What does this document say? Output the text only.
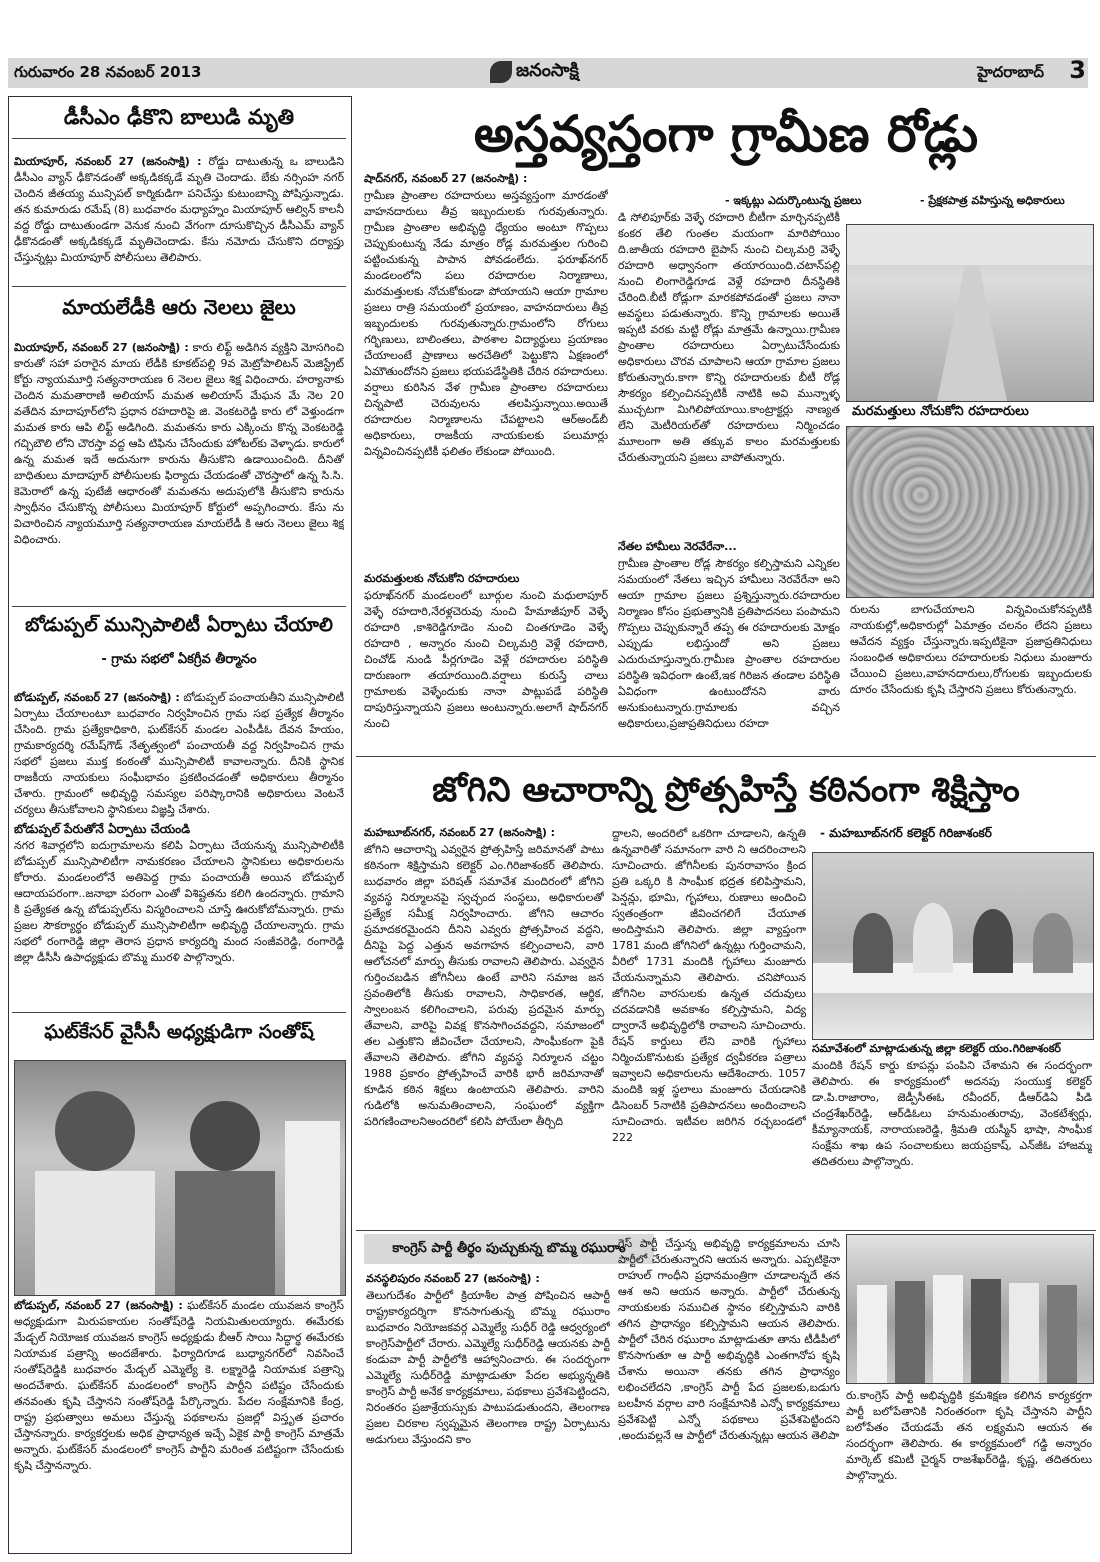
గురువారం 28 నవంబర్ 2013	జనంసాక్షి	హైదరాబాద్ 3
డీసీఎం ఢీకొని బాలుడి మృతి
మియాపూర్, నవంబర్ 27 (జనంసాక్షి) : రోడ్డు దాటుతున్న ఒ బాలుడిని డీసీఎం వ్యాన్ ఢీకొనడంతో అక్కడికక్కడే మృతి చెందాడు. బేకు నర్సింహ నగర్ చెందిన జీతయ్య మున్సిపల్ కార్మికుడిగా పనిచేస్తు కుటుంబాన్ని పోషిస్తున్నాడు. తన కుమారుడు రమేష్ (8) బుధవారం మధ్యాహ్నం మియాపూర్ ఆల్విన్ కాలనీ వద్ద రోడ్డు దాటుతుండగా వెనుక నుంచి వేగంగా దూసుకొచ్చిన డీసీఎమ్ వ్యాన్ ఢీకొనడంతో అక్కడికక్కడే మృతిచెందాడు. కేసు నమోదు చేసుకొని దర్యాప్తు చేస్తున్నట్లు మియాపూర్ పోలీసులు తెలిపారు.
మాయలేడీకి ఆరు నెలలు జైలు
మియాపూర్, నవంబర్ 27 (జనంసాక్షి) : కారు లిఫ్ట్ అడిగిన వ్యక్తిని మోసగించి కారుతో సహా పరారైన మాయ లేడీకి కూకట్‌పల్లి 9వ మెట్రోపాలిటన్ మెజిస్ట్రేట్ కోర్టు న్యాయమూర్తి సత్యనారాయణ 6 నెలల జైలు శిక్ష విధించారు. హర్యానాకు చెందిన మమతారాణి అలియాస్ మమత అలియాస్ మేఘన మే నెల 20 వతేదిన మాదాపూర్‌లోని ప్రధాన రహదారిపై జి. వెంకటరెడ్డి కారు లో వెళ్తుండగా మమత కారు ఆపి లిఫ్ట్ అడిగింది. మమతను కారు ఎక్కించు కొన్న వెంకటరెడ్డి గచ్చిబౌలి లోని చౌరస్తా వద్ద ఆపి టిఫిను చేసేందుకు హోటల్‌కు వెళ్ళాడు. కారులో ఉన్న మమత ఇదే అదునుగా కారును తీసుకొని ఉడాయించింది. దీనితో బాధితులు మాదాపూర్ పోలీసులకు ఫిర్యాదు చేయడంతో చౌరస్తాలో ఉన్న సి.సి. కెమెరాలో ఉన్న పుటేజీ ఆధారంతో మమతను అదుపులోకి తీసుకొని కారును స్వాధీనం చేసుకొన్న పోలీసులు మియాపూర్ కోర్టులో అప్పగించారు. కేసు ను విచారించిన న్యాయమూర్తి సత్యనారాయణ మాయలేడీ కి ఆరు నెలలు జైలు శిక్ష విధించారు.
బోడుప్పల్ మున్సిపాలిటీ ఏర్పాటు చేయాలి
- గ్రామ సభలో ఏకగ్రీవ తీర్మానం
బోడుప్పల్, నవంబర్ 27 (జనంసాక్షి) : బోడుప్పల్ పంచాయతీని మున్సిపాలిటీ ఏర్పాటు చేయాలంటూ బుధవారం నిర్వహించిన గ్రామ సభ ప్రత్యేక తీర్మానం చేసింది. గ్రామ ప్రత్యేకాధికారి, ఘట్‌కేసర్ మండల ఎంపీడీఓ దేవన హేయం, గ్రామకార్యదర్శి రమేష్‌గౌడ్ నేతృత్వంలో పంచాయతీ వద్ద నిర్వహించిన గ్రామ సభలో ప్రజలు ముక్త కంఠంతో మున్సిపాలిటీ కావాలన్నారు. దీనికి స్థానిక రాజకీయ నాయకులు సంఘీభావం ప్రకటించడంతో అధికారులు తీర్మానం చేశారు. గ్రామంలో అభివృద్ధి సమస్యల పరిష్కారానికి అధికారులు వెంటనే చర్యలు తీసుకోవాలని స్థానికులు విజ్ఞప్తి చేశారు.
బోడుప్పల్ పేరుతోనే ఏర్పాటు చేయండి
నగర శివార్లలోని ఐదుగ్రామాలను కలిపి ఏర్పాటు చేయనున్న మున్సిపాలిటీకి బోడుప్పల్ మున్సిపాలిటీగా నామకరణం చేయాలని స్థానికులు అధికారులను కోరారు. మండలంలోనే అతిపెద్ద గ్రామ పంచాయతీ అయిన బోడుప్పల్ ఆదాయపరంగా..జనాభా పరంగా ఎంతో విశిష్టతను కలిగి ఉందన్నారు. గ్రామాని కి ప్రత్యేకత ఉన్న బోడుప్పల్‌ను విస్మరించాలని చూస్తే ఊరుకోబోమన్నారు. గ్రామ ప్రజల సౌకర్యార్థం బోడుప్పల్ మున్సిపాలిటీగా అభివృద్ధి చేయాలన్నారు. గ్రామ సభలో రంగారెడ్డి జిల్లా తెరాస ప్రధాన కార్యదర్శి మంద సంజీవరెడ్డి, రంగారెడ్డి జిల్లా డీసీసీ ఉపాధ్యక్షుడు బొమ్మ మురళి పాల్గొన్నారు.
ఘట్‌కేసర్ వైసీసీ అధ్యక్షుడిగా సంతోష్
బోడుప్పల్, నవంబర్ 27 (జనంసాక్షి) : ఘట్‌కేసర్ మండల యువజన కాంగ్రెస్ అధ్యక్షుడుగా మిరుపకాయల సంతోష్‌రెడ్డి నియమితులయ్యారు. ఈమేరకు మేడ్చల్ నియోజక యువజన కాంగ్రెస్ అధ్యక్షుడు బీఆర్ సాయి సిద్ధార్థ ఈమేరకు నియామక పత్రాన్ని అందజేశారు. ఫిర్యాదిగూడ బుధ్యానగర్‌లో నివసించే సంతోష్‌రెడ్డికి బుధవారం మేడ్చల్ ఎమ్మెల్యే కె. లక్ష్మారెడ్డి నియామక పత్రాన్ని అందచేశారు. ఘట్‌కేసర్ మండలంలో కాంగ్రెస్ పార్టీని పటిష్టం చేసేందుకు తనవంతు కృషి చేస్తానని సంతోష్‌రెడ్డి పేర్కొన్నారు. పేదల సంక్షేమానికి కేంద్ర, రాష్ట్ర ప్రభుత్వాలు అమలు చేస్తున్న పథకాలను ప్రజల్లో విస్తృత ప్రచారం చేస్తానన్నారు. కార్యకర్తలకు అధిక ప్రాధాన్యత ఇచ్చే ఏకైక పార్టీ కాంగ్రెస్ మాత్రమే అన్నారు. ఘట్‌కేసర్ మండలంలో కాంగ్రెస్ పార్టీని మరింత పటిష్టంగా చేసేందుకు కృషి చేస్తానన్నారు.
అస్తవ్యస్తంగా గ్రామీణ రోడ్లు
షాద్‌నగర్, నవంబర్ 27 (జనంసాక్షి) :
- ఇక్కట్లు ఎదుర్కొంటున్న ప్రజలు	- ప్రేక్షకపాత్ర వహిస్తున్న అధికారులు
గ్రామీణ ప్రాంతాల రహదారులు అస్తవ్యస్తంగా మారడంతో వాహనదారులు తీవ్ర ఇబ్బందులకు గురవుతున్నారు. గ్రామీణ ప్రాంతాల అభివృద్ధి ధ్యేయం అంటూ గొప్పలు చెప్పుకుంటున్న నేడు మాత్రం రోడ్ల మరమత్తుల గురించి పట్టించుకున్న పాపాన పోవడంలేదు. ఫరూఖ్‌నగర్ మండలంలోని పలు రహదారుల నిర్మాణాలు, మరమత్తులకు నోచుకోకుండా పోయాయని ఆయా గ్రామాల ప్రజలు రాత్రి సమయంలో ప్రయాణం, వాహనదారులు తీవ్ర ఇబ్బందులకు గురవుతున్నారు.గ్రామంలోని రోగులు గర్భిణులు, బాలింతలు, పాఠశాల విద్యార్థులు ప్రయాణం చేయాలంటే ప్రాణాలు అరచేతిలో పెట్టుకొని ఏక్షణంలో ఏమౌతుందోనని ప్రజలు భయపడేస్థితికి చేరిన రహదారులు. వర్షాలు కురిసిన వేళ గ్రామీణ ప్రాంతాల రహదారులు చిన్నపాటి చెరువులను తలపిస్తున్నాయి.అయితే రహదారుల నిర్మాణాలను చేపట్టాలని ఆర్అండ్‌బీ అధికారులు, రాజకీయ నాయకులకు పలుమార్లు విన్నవించినప్పటికీ ఫలితం లేకుండా పోయింది.
మరమత్తులకు నోచుకోని రహదారులు
ఫరూఖ్‌నగర్ మండలంలో బూర్గుల నుంచి మధులాపూర్ వెళ్ళే రహదారి,నేరళ్లచెరువు నుంచి హేమాజీపూర్ వెళ్ళే రహదారి ,కాశిరెడ్డిగూడెం నుంచి చింతగూడెం వెళ్ళే రహదారి , అన్నారం నుంచి చిల్కమర్రి వెళ్లే రహదారి, చించోడ్ నుండి పీర్లగూడెం వెళ్లే రహదారుల పరిస్థితి దారుణంగా తయారయింది.వర్షాలు కురుస్తే చాలు గ్రామాలకు వెళ్ళేందుకు నానా పాట్లుపడే పరిస్థితి దాపురిస్తున్నాయని ప్రజలు అంటున్నారు.అలాగే షాద్‌నగర్ నుంచి
డి సోలిపూర్‌కు వెళ్ళే రహదారి బీటీగా మార్చినప్పటికీ కంకర తేలి గుంతల మయంగా మారిపోయిం ది.జాతీయ రహదారి బైపాస్ నుంచి చిల్కమర్రి వెళ్ళే రహదారి అధ్వానంగా తయారయింది.చటాన్‌పల్లి నుంచి లింగారెడ్డిగూడ వెళ్లే రహదారి దీనస్థితికి చేరింది.బీటీ రోడ్లుగా మారకపోవడంతో ప్రజలు నానా అవస్థలు పడుతున్నారు. కొన్ని గ్రామాలకు అయితే ఇప్పటి వరకు మట్టి రోడ్లు మాత్రమే ఉన్నాయి.గ్రామీణ ప్రాంతాల రహదారులు ఏర్పాటుచేసేందుకు అధికారులు చొరవ చూపాలని ఆయా గ్రామాల ప్రజలు కోరుతున్నారు.కాగా కొన్ని రహదారులకు బీటీ రోడ్ల సౌకర్యం కల్పించినప్పటికీ నాటికి అవి మున్నాళ్ళ ముచ్చటగా మిగిలిపోయాయి.కాంట్రాక్టర్లు నాణ్యత లేని మెటీరియల్‌తో రహదారులు నిర్మించడం మూలంగా అతి తక్కువ కాలం మరమత్తులకు చేరుతున్నాయని ప్రజలు వాపోతున్నారు.
నేతల హామీలు నెరవేరేనా...
గ్రామీణ ప్రాంతాల రోడ్ల సౌకర్యం కల్పిస్తామని ఎన్నికల సమయంలో నేతలు ఇచ్చిన హామీలు నెరవేరేనా అని ఆయా గ్రామాల ప్రజలు ప్రశ్నిస్తున్నారు.రహదారుల నిర్మాణం కోసం ప్రభుత్వానికి ప్రతిపాదనలు పంపామని గొప్పలు చెప్పుకున్నారే తప్ప ఈ రహదారులకు మోక్షం ఎప్పుడు లభిస్తుందో అని ప్రజలు ఎదురుచూస్తున్నారు.గ్రామీణ ప్రాంతాల రహదారుల పరిస్థితి ఇవిధంగా ఉంటే,ఇక గిరిజన తండాల పరిస్థితి ఏవిధంగా ఉంటుందోనని వారు అనుకుంటున్నారు.గ్రామాలకు వచ్చిన అధికారులు,ప్రజాప్రతినిధులు రహదా
మరమత్తులు నోచుకోని రహదారులు
రులను బాగుచేయాలని విన్నవించుకోనప్పటికీ నాయకుల్లో,అధికారుల్లో ఏమాత్రం చలనం లేదని ప్రజలు ఆవేదన వ్యక్తం చేస్తున్నారు.ఇప్పటికైనా ప్రజాప్రతినిధులు సంబంధిత అధికారులు రహదారులకు నిధులు మంజూరు చేయించి ప్రజలు,వాహనదారులు,రోగులకు ఇబ్బందులకు దూరం చేసేందుకు కృషి చేస్తారని ప్రజలు కోరుతున్నారు.
జోగిని ఆచారాన్ని ప్రోత్సహిస్తే కఠినంగా శిక్షిస్తాం
- మహబూబ్‌నగర్ కలెక్టర్ గిరిజాశంకర్
మహబూబ్‌నగర్, నవంబర్ 27 (జనంసాక్షి) :
జోగిని ఆచారాన్ని ఎవ్వరైన ప్రోత్సహిస్తే జరిమానతో పాటు కఠినంగా శిక్షిస్తామని కలెక్టర్ ఎం.గిరిజాశంకర్ తెలిపారు. బుధవారం జిల్లా పరిషత్ సమావేశ మందిరంలో జోగిని వ్యవస్థ నిర్మూలనపై స్వచ్ఛంద సంస్థలు, అధికారులతో ప్రత్యేక సమీక్ష నిర్వహించారు. జోగిని ఆచారం ప్రమాదకరమైందని దీనిని ఎవ్వరు ప్రోత్సహించ వద్దని, దీనిపై పెద్ద ఎత్తున అవగాహన కల్పించాలని, వారి ఆలోచనలో మార్పు తీసుకు రావాలని తెలిపారు. ఎవ్వరైన గుర్తించబడిన జోగినీలు ఉంటే వారిని సమాజ జన స్రవంతిలోకి తీసుకు రావాలని, సాధికారత, ఆర్థిక, స్వాలంబన కలిగించాలని, పరువు ప్రదమైన మార్పు తేవాలని, వారిపై వివక్ష కొనసాగించవద్దని, సమాజంలో తల ఎత్తుకొని జీవించేలా చేయాలని, సాంఘీకంగా పైకి తేవాలని తెలిపారు. జోగిని వ్యవస్థ నిర్మూలన చట్టం 1988 ప్రకారం ప్రోత్సహించే వారికి భారీ జరిమానాతో కూడిన కఠిన శిక్షలు ఉంటాయని తెలిపారు. వారిని గుడిలోకి అనుమతించాలని, సంఘంలో వ్యక్తిగా పరిగణించాలనిఅందరిలో కలిసి పోయేలా తీర్చిది
ద్దాలని, అందరిలో ఒకరిగా చూడాలని, ఉన్నతి ఉన్నవారితో సమానంగా వారి ని ఆదరించాలని సూచించారు. జోగినీలకు పునరావాసం క్రింద ప్రతి ఒక్కరి కి సాంఘీక భద్రత కలిపిస్తామని, పెన్షన్లు, భూమి, గృహాలు, రుణాలు అందించి స్వతంత్రంగా జీవించగలిగే చేయూత అందిస్తామని తెలిపారు. జిల్లా వ్యాప్తంగా 1781 మంది జోగినిలో ఉన్నట్లు గుర్తించామని, వీరిలో 1731 మందికి గృహాలు మంజూరు చేయనున్నామని తెలిపారు. చనిపోయిన జోగినిల వారసులకు ఉన్నత చదువులు చదవడానికి అవకాశం కల్పిస్తామని, విద్య ద్వారానే అభివృద్ధిలోకి రావాలని సూచించారు. రేషన్ కార్డులు లేని వారికి గృహాలు నిర్మించుకొనుటకు ప్రత్యేక ద్వవీకరణ పత్రాలు ఇవ్వాలని అధికారులను ఆదేశించారు. 1057 మందికి ఇళ్ల స్థలాలు మంజూరు చేయడానికి డిసెంబర్ 5నాటికి ప్రతిపాదనలు అందించాలని సూచించారు. ఇటీవల జరిగిన రచ్చబండలో 222
సమావేశంలో మాట్లాడుతున్న జిల్లా కలెక్టర్ యం.గిరిజాశంకర్
మందికి రేషన్ కార్డు కూపన్లు పంపిని చేశామని ఈ సందర్భంగా తెలిపారు. ఈ కార్యక్రమంలో అదనపు సంయుక్త కలెక్టర్ డా.పి.రాజారాం, జెడ్పీసీఈఓ రవీందర్, డీఆర్‌డిఏ పీడి చంద్రశేఖర్‌రెడ్డి, ఆర్‌డిఓలు హనుమంతురావు, వెంకటేశ్వర్లు, కీమ్యానాయక్, నారాయణరెడ్డి, శ్రీమతి యస్మీన్ భాషా, సాంఘీక సంక్షేమ శాఖ ఉప సంచాలకులు జయప్రకాష్, ఎన్‌జీఓ హాజమ్మ తదితరులు పాల్గొన్నారు.
కాంగ్రెస్ పార్టీ తీర్థం పుచ్చుకున్న బొమ్మ రఘురాం
వనస్థలిపురం నవంబర్ 27 (జనంసాక్షి) :
తెలుగుదేశం పార్టీలో క్రియాశీల పాత్ర పోషించిన ఆపార్టీ రాష్ట్రకార్యదర్శిగా కొనసాగుతున్న బొమ్మ రఘురాం బుధవారం నియోజకవర్గ ఎమ్మెల్యే సుధీర్ రెడ్డి ఆధ్వర్యంలో కాంగ్రెస్‌పార్టీలో చేరారు. ఎమ్మెల్యే సుధీర్‌రెడ్డి ఆయనకు పార్టీ కండువా పార్టీ పార్టీలోకి ఆహ్వానించారు. ఈ సందర్భంగా ఎమ్మెల్యే సుధీర్‌రెడ్డి మాట్లాడుతూ పేదల అభ్యున్నతికి కాంగ్రెస్ పార్టీ అనేక కార్యక్రమాలు, పథకాలు ప్రవేశపెట్టిందని, నిరంతరం ప్రజాశ్రేయస్సుకు పాటుపడుతుందని, తెలంగాణ ప్రజల చిరకాల స్వప్నమైన తెలంగాణ రాష్ట్ర ఏర్పాటును అడుగులు వేస్తుందని కాం
గ్రెస్ పార్టీ చేస్తున్న అభివృద్ధి కార్యక్రమాలను చూసి పార్టీలో చేరుతున్నారని ఆయన అన్నారు. ఎప్పటికైనా రాహుల్ గాంధీని ప్రధానమంత్రిగా చూడాలన్నదే తన ఆశ అని ఆయన అన్నారు. పార్టీలో చేరుతున్న నాయకులకు సముచిత స్థానం కల్పిస్తామని వారికి తగిన ప్రాధాన్యం కల్పిస్తామని ఆయన తెలిపారు. పార్టీలో చేరిన రఘురాం మాట్లాడుతూ తాను టీడీపీలో కొనసాగుతూ ఆ పార్టీ అభివృద్ధికి ఎంతగానోప కృషి చేశాను అయినా తనకు తగిన ప్రాధాన్యం లభించలేదని ,కాంగ్రెస్ పార్టీ పేద ప్రజలకు,బడుగు బలహీన వర్గాల వారి సంక్షేమానికి ఎన్నో కార్యక్రమాలు ప్రవేశపెట్టి ఎన్నో పథకాలు ప్రవేశపెట్టిందని ,అందువల్లనే ఆ పార్టీలో చేరుతున్నట్లు ఆయన తెలిపా
రు.కాంగ్రెస్ పార్టీ అభివృద్ధికి క్రమశిక్షణ కలిగిన కార్యకర్తగా పార్టీ బలోపేతానికి నిరంతరంగా కృషి చేస్తానని పార్టీని బలోపేతం చేయడమే తన లక్ష్యమని ఆయన ఈ సందర్భంగా తెలిపారు. ఈ కార్యక్రమంలో గడ్డి అన్నారం మార్కెట్ కమిటీ చైర్మన్ రాజశేఖర్‌రెడ్డి, కృష్ణ, తదితరులు పాల్గొన్నారు.
